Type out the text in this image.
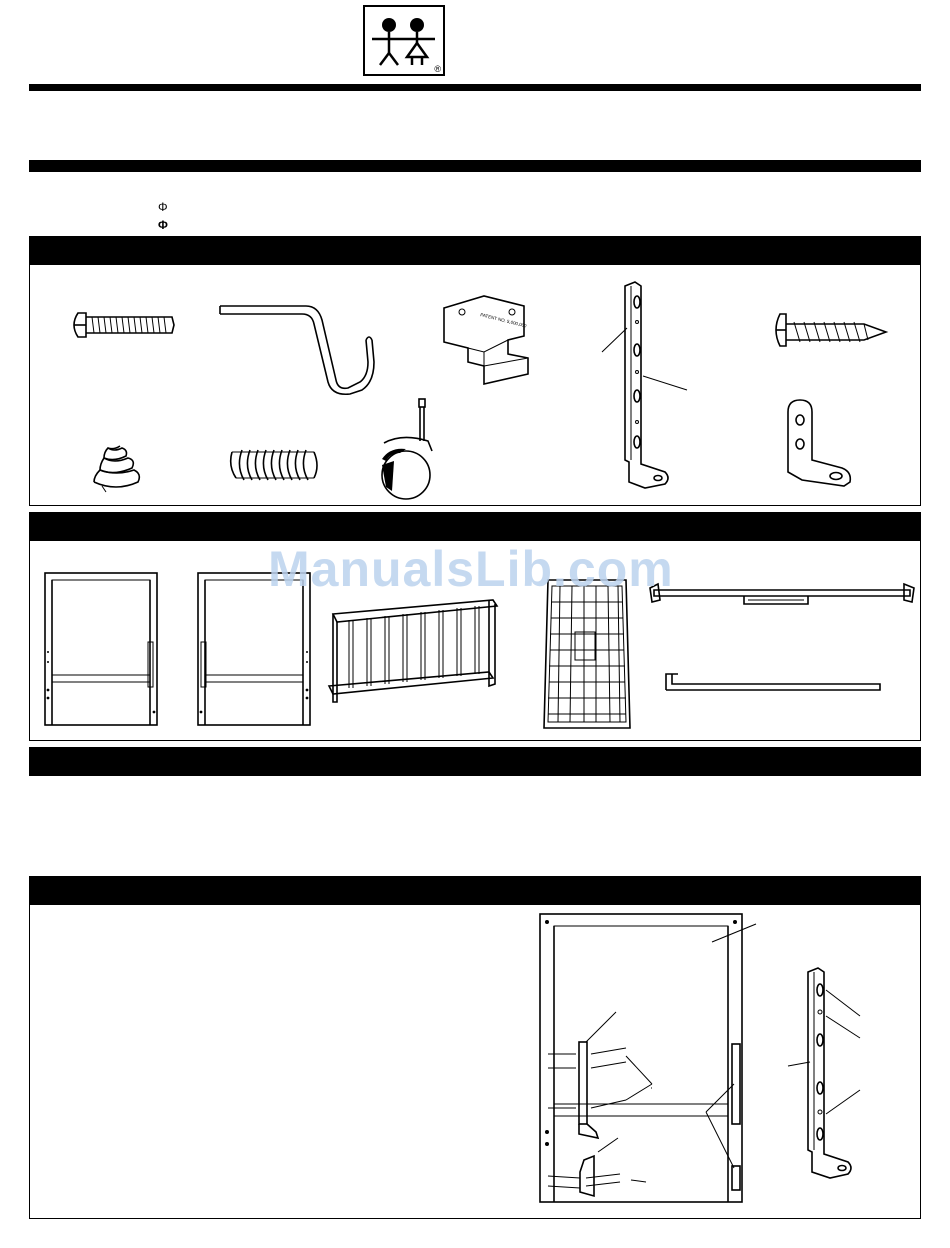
®
Φ
Φ
PATENT NO. 5,000,000
ManualsLib.com
